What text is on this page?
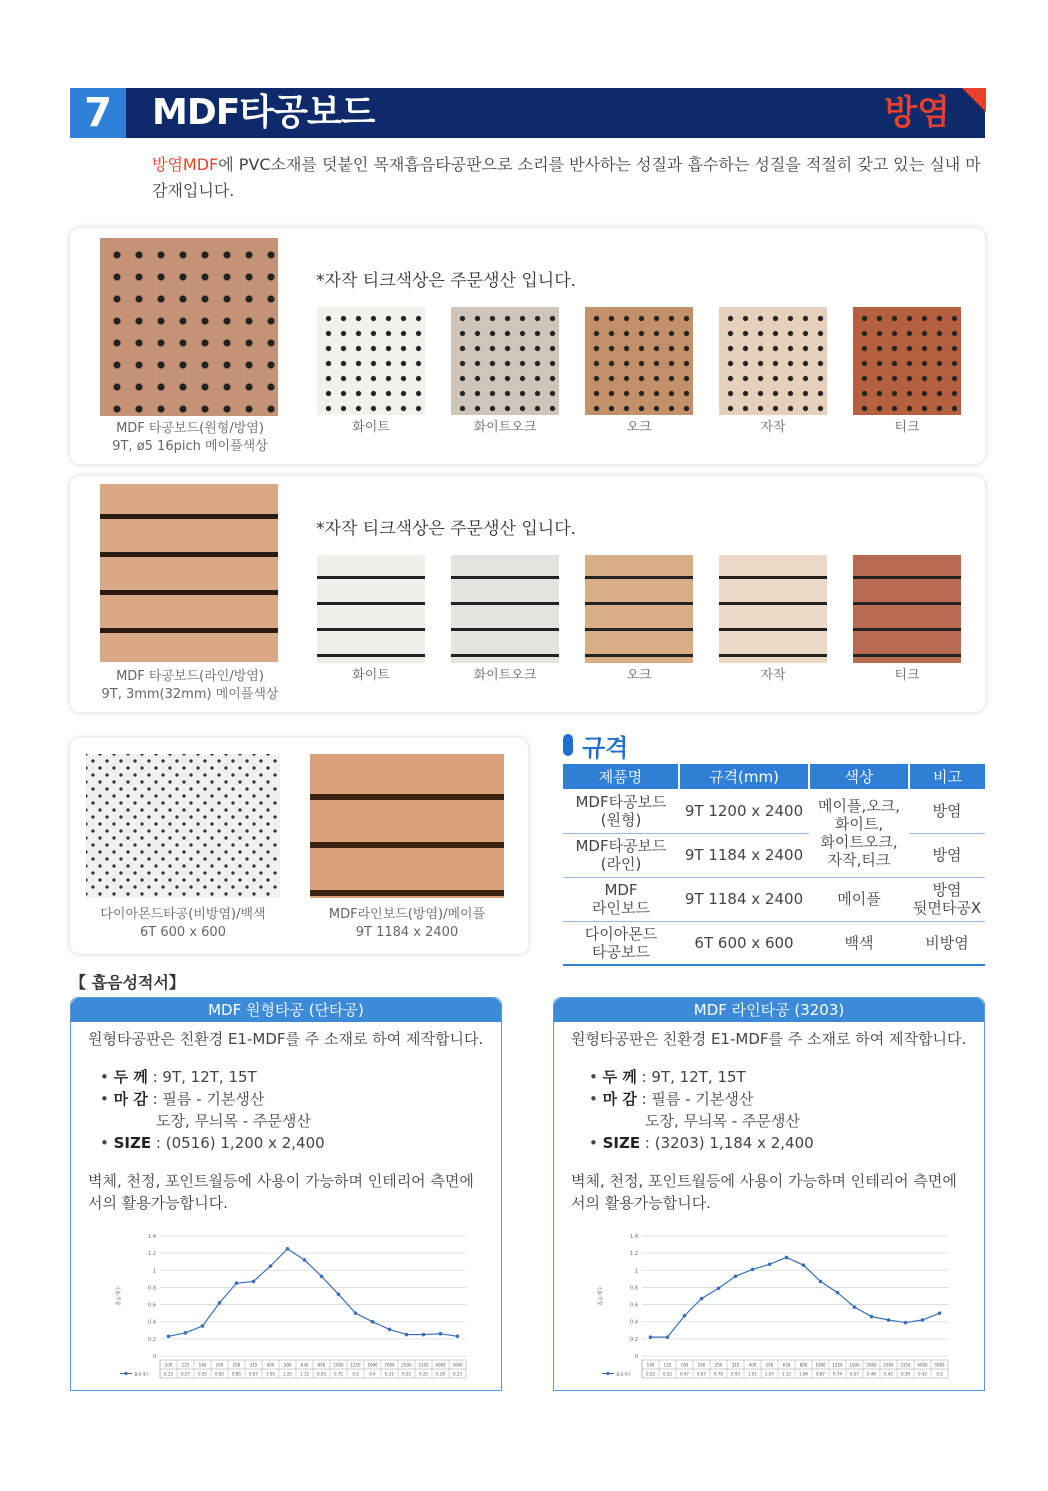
7	MDF타공보드	방염
방염MDF에 PVC소재를 덧붙인 목재흡음타공판으로 소리를 반사하는 성질과 흡수하는 성질을 적절히 갖고 있는 실내 마감재입니다.
MDF 타공보드(원형/방염)
9T, ø5 16pich 메이플색상
*자작 티크색상은 주문생산 입니다.
화이트	화이트오크	오크	자작	티크
MDF 타공보드(라인/방염)
9T, 3mm(32mm) 메이플색상
*자작 티크색상은 주문생산 입니다.
화이트	화이트오크	오크	자작	티크
다이아몬드타공(비방염)/백색
6T 600 x 600
MDF라인보드(방염)/메이플
9T 1184 x 2400
규격
제품명	규격(mm)	색상	비고
MDF타공보드
(원형)	9T 1200 x 2400	메이플,오크,
화이트,
화이트오크,
자작,티크	방염
MDF타공보드
(라인)	9T 1184 x 2400		방염
MDF
라인보드	9T 1184 x 2400	메이플	방염
뒷면타공X
다이아몬드
타공보드	6T 600 x 600	백색	비방염
【 흡음성적서】
MDF 원형타공 (단타공)
원형타공판은 친환경 E1-MDF를 주 소재로 하여 제작합니다.
• 두 께 : 9T, 12T, 15T
• 마 감 : 필름 - 기본생산
도장, 무늬목 - 주문생산
• SIZE : (0516) 1,200 x 2,400
벽체, 천정, 포인트월등에 사용이 가능하며 인테리어 측면에서의 활용가능합니다.
0
0.2
0.4
0.6
0.8
1
1.2
1.4
흡음계수
100
0.23
125
0.27
160
0.35
200
0.62
250
0.85
315
0.87
400
1.05
500
1.25
630
1.12
800
0.93
1000
0.72
1250
0.5
1600
0.4
2000
0.31
2500
0.25
3150
0.25
4000
0.26
5000
0.23
흡음계수
MDF 라인타공 (3203)
원형타공판은 친환경 E1-MDF를 주 소재로 하여 제작합니다.
• 두 께 : 9T, 12T, 15T
• 마 감 : 필름 - 기본생산
도장, 무늬목 - 주문생산
• SIZE : (3203) 1,184 x 2,400
벽체, 천정, 포인트월등에 사용이 가능하며 인테리어 측면에서의 활용가능합니다.
0
0.2
0.4
0.6
0.8
1
1.2
1.4
흡음계수
100
0.22
125
0.22
160
0.47
200
0.67
250
0.79
315
0.93
400
1.01
500
1.07
630
1.15
800
1.06
1000
0.87
1250
0.74
1600
0.57
2000
0.46
2500
0.42
3150
0.39
4000
0.42
5000
0.5
흡음계수
